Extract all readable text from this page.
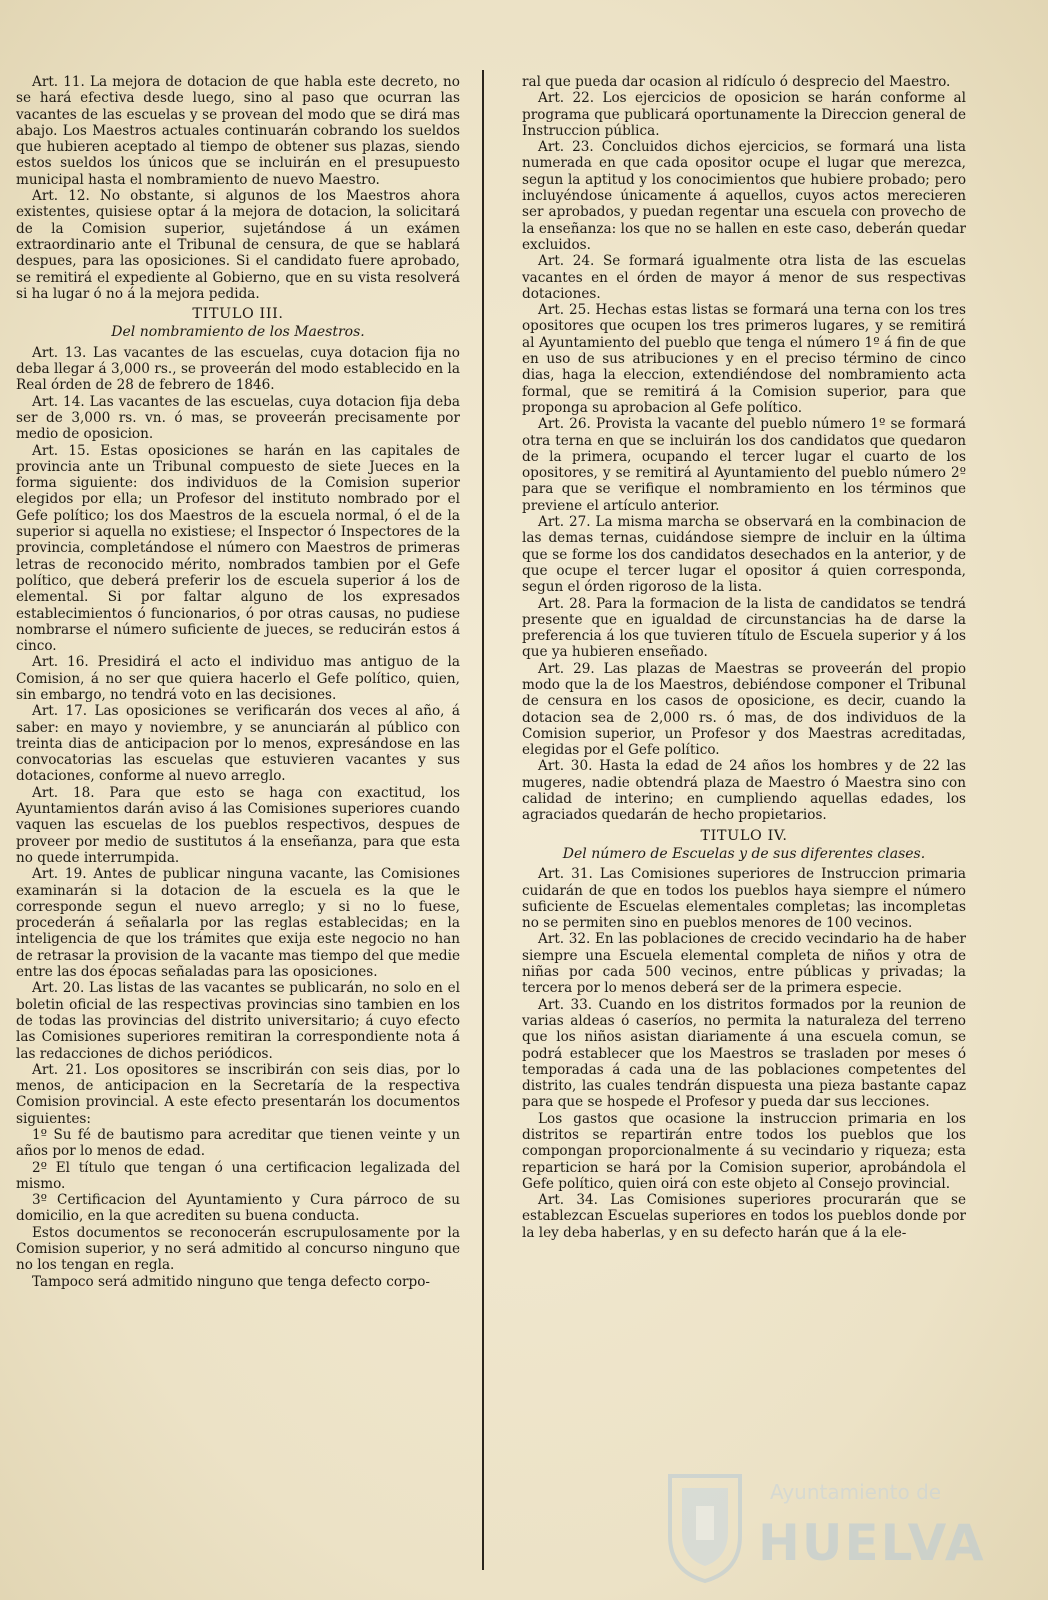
Art. 11. La mejora de dotacion de que habla este decreto, no se hará efectiva desde luego, sino al paso que ocurran las vacantes de las escuelas y se provean del modo que se dirá mas abajo. Los Maestros actuales continuarán cobrando los sueldos que hubieren aceptado al tiempo de obtener sus plazas, siendo estos sueldos los únicos que se incluirán en el presupuesto municipal hasta el nombramiento de nuevo Maestro.

Art. 12. No obstante, si algunos de los Maestros ahora existentes, quisiese optar á la mejora de dotacion, la solicitará de la Comision superior, sujetándose á un exámen extraordinario ante el Tribunal de censura, de que se hablará despues, para las oposiciones. Si el candidato fuere aprobado, se remitirá el expediente al Gobierno, que en su vista resolverá si ha lugar ó no á la mejora pedida.

TITULO III.

Del nombramiento de los Maestros.

Art. 13. Las vacantes de las escuelas, cuya dotacion fija no deba llegar á 3,000 rs., se proveerán del modo establecido en la Real órden de 28 de febrero de 1846.

Art. 14. Las vacantes de las escuelas, cuya dotacion fija deba ser de 3,000 rs. vn. ó mas, se proveerán precisamente por medio de oposicion.

Art. 15. Estas oposiciones se harán en las capitales de provincia ante un Tribunal compuesto de siete Jueces en la forma siguiente: dos individuos de la Comision superior elegidos por ella; un Profesor del instituto nombrado por el Gefe político; los dos Maestros de la escuela normal, ó el de la superior si aquella no existiese; el Inspector ó Inspectores de la provincia, completándose el número con Maestros de primeras letras de reconocido mérito, nombrados tambien por el Gefe político, que deberá preferir los de escuela superior á los de elemental. Si por faltar alguno de los expresados establecimientos ó funcionarios, ó por otras causas, no pudiese nombrarse el número suficiente de jueces, se reducirán estos á cinco.

Art. 16. Presidirá el acto el individuo mas antiguo de la Comision, á no ser que quiera hacerlo el Gefe político, quien, sin embargo, no tendrá voto en las decisiones.

Art. 17. Las oposiciones se verificarán dos veces al año, á saber: en mayo y noviembre, y se anunciarán al público con treinta dias de anticipacion por lo menos, expresándose en las convocatorias las escuelas que estuvieren vacantes y sus dotaciones, conforme al nuevo arreglo.

Art. 18. Para que esto se haga con exactitud, los Ayuntamientos darán aviso á las Comisiones superiores cuando vaquen las escuelas de los pueblos respectivos, despues de proveer por medio de sustitutos á la enseñanza, para que esta no quede interrumpida.

Art. 19. Antes de publicar ninguna vacante, las Comisiones examinarán si la dotacion de la escuela es la que le corresponde segun el nuevo arreglo; y si no lo fuese, procederán á señalarla por las reglas establecidas; en la inteligencia de que los trámites que exija este negocio no han de retrasar la provision de la vacante mas tiempo del que medie entre las dos épocas señaladas para las oposiciones.

Art. 20. Las listas de las vacantes se publicarán, no solo en el boletin oficial de las respectivas provincias sino tambien en los de todas las provincias del distrito universitario; á cuyo efecto las Comisiones superiores remitiran la correspondiente nota á las redacciones de dichos periódicos.

Art. 21. Los opositores se inscribirán con seis dias, por lo menos, de anticipacion en la Secretaría de la respectiva Comision provincial. A este efecto presentarán los documentos siguientes:

1º Su fé de bautismo para acreditar que tienen veinte y un años por lo menos de edad.

2º El título que tengan ó una certificacion legalizada del mismo.

3º Certificacion del Ayuntamiento y Cura párroco de su domicilio, en la que acrediten su buena conducta.

Estos documentos se reconocerán escrupulosamente por la Comision superior, y no será admitido al concurso ninguno que no los tengan en regla.

Tampoco será admitido ninguno que tenga defecto corpo-

ral que pueda dar ocasion al ridículo ó desprecio del Maestro.

Art. 22. Los ejercicios de oposicion se harán conforme al programa que publicará oportunamente la Direccion general de Instruccion pública.

Art. 23. Concluidos dichos ejercicios, se formará una lista numerada en que cada opositor ocupe el lugar que merezca, segun la aptitud y los conocimientos que hubiere probado; pero incluyéndose únicamente á aquellos, cuyos actos merecieren ser aprobados, y puedan regentar una escuela con provecho de la enseñanza: los que no se hallen en este caso, deberán quedar excluidos.

Art. 24. Se formará igualmente otra lista de las escuelas vacantes en el órden de mayor á menor de sus respectivas dotaciones.

Art. 25. Hechas estas listas se formará una terna con los tres opositores que ocupen los tres primeros lugares, y se remitirá al Ayuntamiento del pueblo que tenga el número 1º á fin de que en uso de sus atribuciones y en el preciso término de cinco dias, haga la eleccion, extendiéndose del nombramiento acta formal, que se remitirá á la Comision superior, para que proponga su aprobacion al Gefe político.

Art. 26. Provista la vacante del pueblo número 1º se formará otra terna en que se incluirán los dos candidatos que quedaron de la primera, ocupando el tercer lugar el cuarto de los opositores, y se remitirá al Ayuntamiento del pueblo número 2º para que se verifique el nombramiento en los términos que previene el artículo anterior.

Art. 27. La misma marcha se observará en la combinacion de las demas ternas, cuidándose siempre de incluir en la última que se forme los dos candidatos desechados en la anterior, y de que ocupe el tercer lugar el opositor á quien corresponda, segun el órden rigoroso de la lista.

Art. 28. Para la formacion de la lista de candidatos se tendrá presente que en igualdad de circunstancias ha de darse la preferencia á los que tuvieren título de Escuela superior y á los que ya hubieren enseñado.

Art. 29. Las plazas de Maestras se proveerán del propio modo que la de los Maestros, debiéndose componer el Tribunal de censura en los casos de oposicione, es decir, cuando la dotacion sea de 2,000 rs. ó mas, de dos individuos de la Comision superior, un Profesor y dos Maestras acreditadas, elegidas por el Gefe político.

Art. 30. Hasta la edad de 24 años los hombres y de 22 las mugeres, nadie obtendrá plaza de Maestro ó Maestra sino con calidad de interino; en cumpliendo aquellas edades, los agraciados quedarán de hecho propietarios.

TITULO IV.

Del número de Escuelas y de sus diferentes clases.

Art. 31. Las Comisiones superiores de Instruccion primaria cuidarán de que en todos los pueblos haya siempre el número suficiente de Escuelas elementales completas; las incompletas no se permiten sino en pueblos menores de 100 vecinos.

Art. 32. En las poblaciones de crecido vecindario ha de haber siempre una Escuela elemental completa de niños y otra de niñas por cada 500 vecinos, entre públicas y privadas; la tercera por lo menos deberá ser de la primera especie.

Art. 33. Cuando en los distritos formados por la reunion de varias aldeas ó caseríos, no permita la naturaleza del terreno que los niños asistan diariamente á una escuela comun, se podrá establecer que los Maestros se trasladen por meses ó temporadas á cada una de las poblaciones competentes del distrito, las cuales tendrán dispuesta una pieza bastante capaz para que se hospede el Profesor y pueda dar sus lecciones.

Los gastos que ocasione la instruccion primaria en los distritos se repartirán entre todos los pueblos que los compongan proporcionalmente á su vecindario y riqueza; esta reparticion se hará por la Comision superior, aprobándola el Gefe político, quien oirá con este objeto al Consejo provincial.

Art. 34. Las Comisiones superiores procurarán que se establezcan Escuelas superiores en todos los pueblos donde por la ley deba haberlas, y en su defecto harán que á la ele-

Ayuntamiento de
HUELVA
